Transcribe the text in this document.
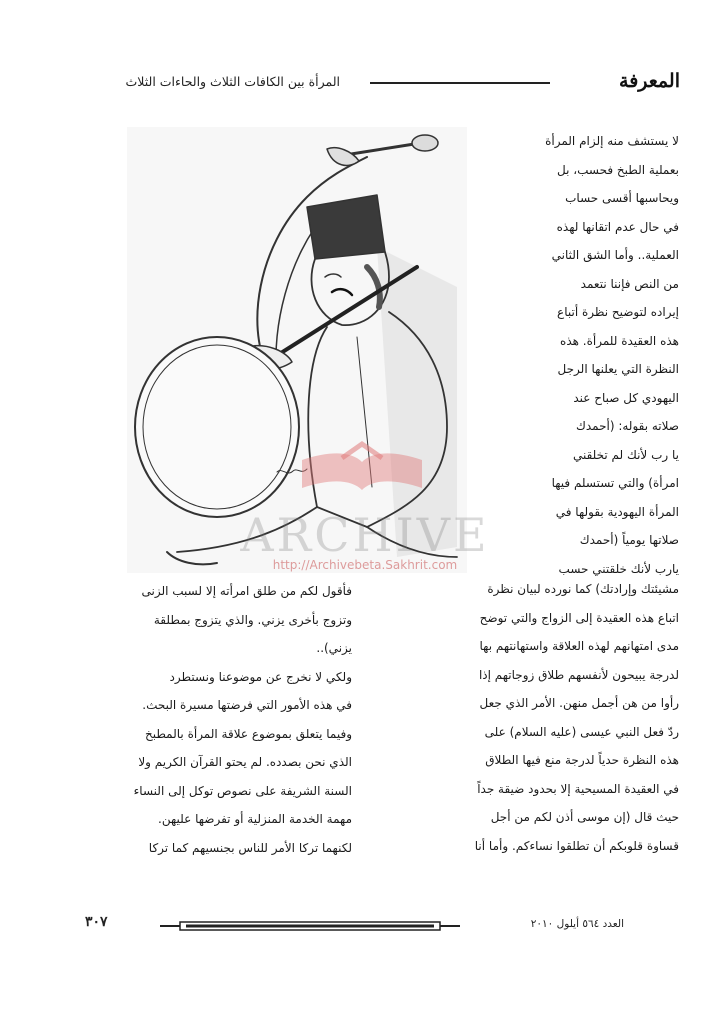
المعرفة
المرأة بين الكافات الثلاث والحاءات الثلاث
ARCHIVE
http://Archivebeta.Sakhrit.com
لا يستشف منه إلزام المرأة
بعملية الطبخ فحسب، بل
ويحاسبها أقسى حساب
في حال عدم اتقانها لهذه
العملية.. وأما الشق الثاني
من النص فإننا نتعمد
إيراده لتوضيح نظرة أتباع
هذه العقيدة للمرأة. هذه
النظرة التي يعلنها الرجل
اليهودي كل صباح عند
صلاته بقوله: (أحمدك
يا رب لأنك لم تخلقني
امرأة) والتي تستسلم فيها
المرأة اليهودية بقولها في
صلاتها يومياً (أحمدك
يارب لأنك خلقتني حسب
مشيئتك وإرادتك) كما نورده لبيان نظرة
اتباع هذه العقيدة إلى الزواج والتي توضح
مدى امتهانهم لهذه العلاقة واستهانتهم بها
لدرجة يبيحون لأنفسهم طلاق زوجاتهم إذا
رأوا من هن أجمل منهن. الأمر الذي جعل
ردّ فعل النبي عيسى (عليه السلام) على
هذه النظرة حدياً لدرجة منع فيها الطلاق
في العقيدة المسيحية إلا بحدود ضيقة جداً
حيث قال (إن موسى أذن لكم من أجل
قساوة قلوبكم أن تطلقوا نساءكم. وأما أنا
فأقول لكم من طلق امرأته إلا لسبب الزنى
وتزوج بأخرى يزني. والذي يتزوج بمطلقة
يزني)..
ولكي لا نخرج عن موضوعنا ونستطرد
في هذه الأمور التي فرضتها مسيرة البحث.
وفيما يتعلق بموضوع علاقة المرأة بالمطبخ
الذي نحن بصدده. لم يحتو القرآن الكريم ولا
السنة الشريفة على نصوص توكل إلى النساء
مهمة الخدمة المنزلية أو تفرضها عليهن.
لكنهما تركا الأمر للناس بجنسيهم كما تركا
العدد ٥٦٤ أيلول ٢٠١٠
٣٠٧
